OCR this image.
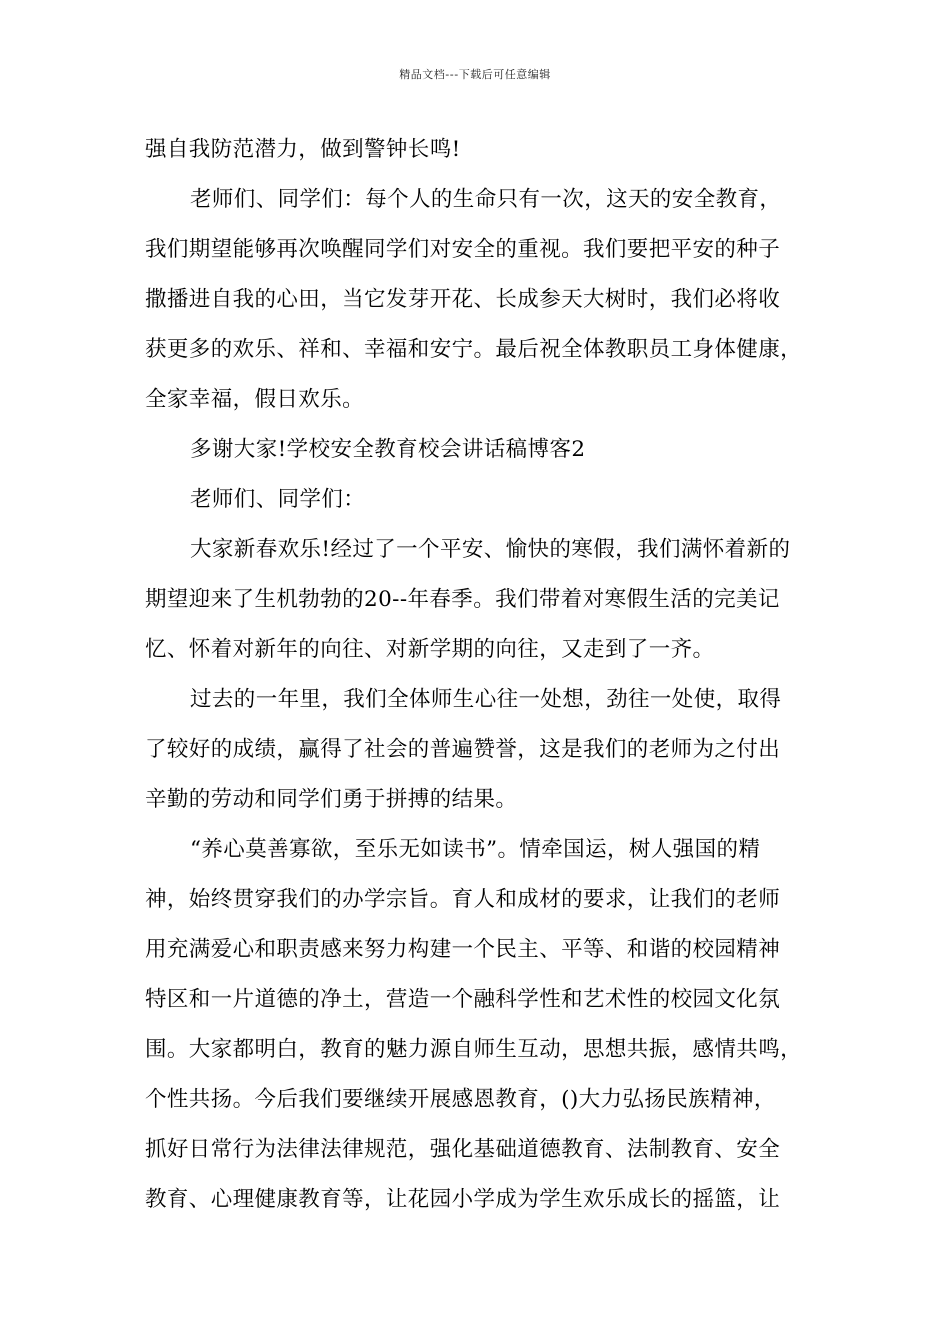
精品文档---下载后可任意编辑
强自我防范潜力，做到警钟长鸣!
老师们、同学们：每个人的生命只有一次，这天的安全教育，
我们期望能够再次唤醒同学们对安全的重视。我们要把平安的种子
撒播进自我的心田，当它发芽开花、长成参天大树时，我们必将收
获更多的欢乐、祥和、幸福和安宁。最后祝全体教职员工身体健康，
全家幸福，假日欢乐。
多谢大家!学校安全教育校会讲话稿博客2
老师们、同学们：
大家新春欢乐!经过了一个平安、愉快的寒假，我们满怀着新的
期望迎来了生机勃勃的20--年春季。我们带着对寒假生活的完美记
忆、怀着对新年的向往、对新学期的向往，又走到了一齐。
过去的一年里，我们全体师生心往一处想，劲往一处使，取得
了较好的成绩，赢得了社会的普遍赞誉，这是我们的老师为之付出
辛勤的劳动和同学们勇于拼搏的结果。
“养心莫善寡欲，至乐无如读书”。情牵国运，树人强国的精
神，始终贯穿我们的办学宗旨。育人和成材的要求，让我们的老师
用充满爱心和职责感来努力构建一个民主、平等、和谐的校园精神
特区和一片道德的净土，营造一个融科学性和艺术性的校园文化氛
围。大家都明白，教育的魅力源自师生互动，思想共振，感情共鸣，
个性共扬。今后我们要继续开展感恩教育，()大力弘扬民族精神，
抓好日常行为法律法律规范，强化基础道德教育、法制教育、安全
教育、心理健康教育等，让花园小学成为学生欢乐成长的摇篮，让
